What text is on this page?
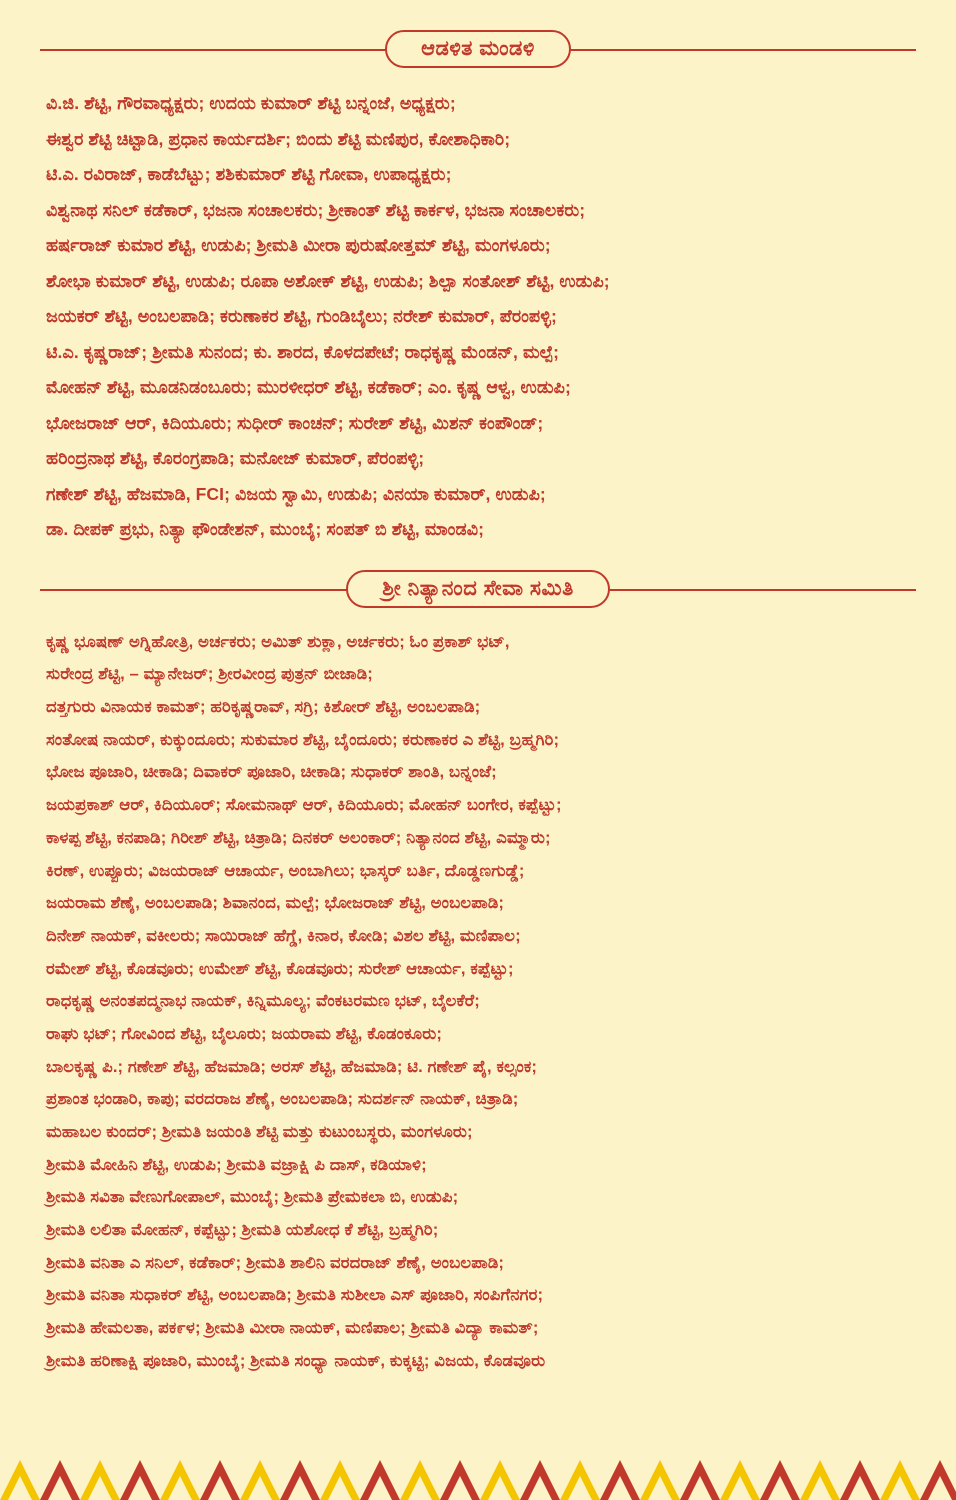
ಆಡಳಿತ ಮಂಡಳಿ
ವಿ.ಜಿ. ಶೆಟ್ಟಿ, ಗೌರವಾಧ್ಯಕ್ಷರು; ಉದಯ ಕುಮಾರ್ ಶೆಟ್ಟಿ ಬನ್ನಂಜೆ, ಅಧ್ಯಕ್ಷರು;
ಈಶ್ವರ ಶೆಟ್ಟಿ ಚಿಟ್ಟಾಡಿ, ಪ್ರಧಾನ ಕಾರ್ಯದರ್ಶಿ; ಬಿಂದು ಶೆಟ್ಟಿ ಮಣಿಪುರ, ಕೋಶಾಧಿಕಾರಿ;
ಟಿ.ಎ. ರವಿರಾಜ್, ಕಾಡೆಬೆಟ್ಟು; ಶಶಿಕುಮಾರ್ ಶೆಟ್ಟಿ ಗೋವಾ, ಉಪಾಧ್ಯಕ್ಷರು;
ವಿಶ್ವನಾಥ ಸನಿಲ್ ಕಡೆಕಾರ್, ಭಜನಾ ಸಂಚಾಲಕರು; ಶ್ರೀಕಾಂತ್ ಶೆಟ್ಟಿ ಕಾರ್ಕಳ, ಭಜನಾ ಸಂಚಾಲಕರು;
ಹರ್ಷರಾಜ್ ಕುಮಾರ ಶೆಟ್ಟಿ, ಉಡುಪಿ; ಶ್ರೀಮತಿ ಮೀರಾ ಪುರುಷೋತ್ತಮ್ ಶೆಟ್ಟಿ, ಮಂಗಳೂರು;
ಶೋಭಾ ಕುಮಾರ್ ಶೆಟ್ಟಿ, ಉಡುಪಿ; ರೂಪಾ ಅಶೋಕ್ ಶೆಟ್ಟಿ, ಉಡುಪಿ; ಶಿಲ್ಪಾ ಸಂತೋಶ್ ಶೆಟ್ಟಿ, ಉಡುಪಿ;
ಜಯಕರ್ ಶೆಟ್ಟಿ, ಅಂಬಲಪಾಡಿ; ಕರುಣಾಕರ ಶೆಟ್ಟಿ, ಗುಂಡಿಬೈಲು; ನರೇಶ್ ಕುಮಾರ್, ಪೆರಂಪಳ್ಳಿ;
ಟಿ.ಎ. ಕೃಷ್ಣರಾಜ್; ಶ್ರೀಮತಿ ಸುನಂದ; ಕು. ಶಾರದ, ಕೊಳದಪೇಟೆ; ರಾಧಕೃಷ್ಣ ಮೆಂಡನ್, ಮಲ್ಪೆ;
ಮೋಹನ್ ಶೆಟ್ಟಿ, ಮೂಡನಿಡಂಬೂರು; ಮುರಳೀಧರ್ ಶೆಟ್ಟಿ, ಕಡೆಕಾರ್; ಎಂ. ಕೃಷ್ಣ ಆಳ್ವ, ಉಡುಪಿ;
ಭೋಜರಾಜ್ ಆರ್, ಕಿದಿಯೂರು; ಸುಧೀರ್ ಕಾಂಚನ್; ಸುರೇಶ್ ಶೆಟ್ಟಿ, ಮಿಶನ್ ಕಂಪೌಂಡ್;
ಹರಿಂದ್ರನಾಥ ಶೆಟ್ಟಿ, ಕೊರಂಗ್ರಪಾಡಿ; ಮನೋಜ್ ಕುಮಾರ್, ಪೆರಂಪಳ್ಳಿ;
ಗಣೇಶ್ ಶೆಟ್ಟಿ, ಹೆಜಮಾಡಿ, FCI; ವಿಜಯ ಸ್ವಾಮಿ, ಉಡುಪಿ; ವಿನಯಾ ಕುಮಾರ್, ಉಡುಪಿ;
ಡಾ. ದೀಪಕ್ ಪ್ರಭು, ನಿತ್ಯಾ ಫೌಂಡೇಶನ್, ಮುಂಬೈ; ಸಂಪತ್ ಬಿ ಶೆಟ್ಟಿ, ಮಾಂಡವಿ;
ಶ್ರೀ ನಿತ್ಯಾನಂದ ಸೇವಾ ಸಮಿತಿ
ಕೃಷ್ಣ ಭೂಷಣ್ ಅಗ್ನಿಹೋತ್ರಿ, ಅರ್ಚಕರು; ಅಮಿತ್ ಶುಕ್ಲಾ, ಅರ್ಚಕರು; ಓಂ ಪ್ರಕಾಶ್ ಭಟ್,
ಸುರೇಂದ್ರ ಶೆಟ್ಟಿ, – ಮ್ಯಾನೇಜರ್; ಶ್ರೀರವೀಂದ್ರ ಪುತ್ರನ್ ಬೀಜಾಡಿ;
ದತ್ತಗುರು ವಿನಾಯಕ ಕಾಮತ್; ಹರಿಕೃಷ್ಣರಾವ್, ಸಗ್ರಿ; ಕಿಶೋರ್ ಶೆಟ್ಟಿ, ಅಂಬಲಪಾಡಿ;
ಸಂತೋಷ ನಾಯರ್, ಕುಕ್ಕುಂದೂರು; ಸುಕುಮಾರ ಶೆಟ್ಟಿ, ಬೈಂದೂರು; ಕರುಣಾಕರ ಎ ಶೆಟ್ಟಿ, ಬ್ರಹ್ಮಗಿರಿ;
ಭೋಜ ಪೂಜಾರಿ, ಚೀಕಾಡಿ; ದಿವಾಕರ್ ಪೂಜಾರಿ, ಚೀಕಾಡಿ; ಸುಧಾಕರ್ ಶಾಂತಿ, ಬನ್ನಂಜೆ;
ಜಯಪ್ರಕಾಶ್ ಆರ್, ಕಿದಿಯೂರ್; ಸೋಮನಾಥ್ ಆರ್, ಕಿದಿಯೂರು; ಮೋಹನ್ ಬಂಗೇರ, ಕಪ್ಪೆಟ್ಟು;
ಕಾಳಪ್ಪ ಶೆಟ್ಟಿ, ಕನಪಾಡಿ; ಗಿರೀಶ್ ಶೆಟ್ಟಿ, ಚಿತ್ರಾಡಿ; ದಿನಕರ್ ಅಲಂಕಾರ್; ನಿತ್ಯಾನಂದ ಶೆಟ್ಟಿ, ಎಮ್ಮಾರು;
ಕಿರಣ್, ಉಪ್ಪೂರು; ವಿಜಯರಾಜ್ ಆಚಾರ್ಯ, ಅಂಬಾಗಿಲು; ಭಾಸ್ಕರ್ ಬರ್ತಿ, ದೊಡ್ಡಣಗುಡ್ಡೆ;
ಜಯರಾಮ ಶೆಣೈ, ಅಂಬಲಪಾಡಿ; ಶಿವಾನಂದ, ಮಲ್ಪೆ; ಭೋಜರಾಜ್ ಶೆಟ್ಟಿ, ಅಂಬಲಪಾಡಿ;
ದಿನೇಶ್ ನಾಯಕ್, ವಕೀಲರು; ಸಾಯಿರಾಜ್ ಹೆಗ್ಡೆ, ಕಿನಾರ, ಕೋಡಿ; ವಿಶಲ ಶೆಟ್ಟಿ, ಮಣಿಪಾಲ;
ರಮೇಶ್ ಶೆಟ್ಟಿ, ಕೊಡವೂರು; ಉಮೇಶ್ ಶೆಟ್ಟಿ, ಕೊಡವೂರು; ಸುರೇಶ್ ಆಚಾರ್ಯ, ಕಪ್ಪೆಟ್ಟು;
ರಾಧಕೃಷ್ಣ ಅನಂತಪದ್ಮನಾಭ ನಾಯಕ್, ಕಿನ್ನಿಮೂಲ್ಯ; ವೆಂಕಟರಮಣ ಭಟ್, ಬೈಲಕೆರೆ;
ರಾಘು ಭಟ್; ಗೋವಿಂದ ಶೆಟ್ಟಿ, ಬೈಲೂರು; ಜಯರಾಮ ಶೆಟ್ಟಿ, ಕೊಡಂಕೂರು;
ಬಾಲಕೃಷ್ಣ ಪಿ.; ಗಣೇಶ್ ಶೆಟ್ಟಿ, ಹೆಜಮಾಡಿ; ಅರಸ್ ಶೆಟ್ಟಿ, ಹೆಜಮಾಡಿ; ಟಿ. ಗಣೇಶ್ ಪೈ, ಕಲ್ಸಂಕ;
ಪ್ರಶಾಂತ ಭಂಡಾರಿ, ಕಾಪು; ವರದರಾಜ ಶೆಣೈ, ಅಂಬಲಪಾಡಿ; ಸುದರ್ಶನ್ ನಾಯಕ್, ಚಿತ್ರಾಡಿ;
ಮಹಾಬಲ ಕುಂದರ್; ಶ್ರೀಮತಿ ಜಯಂತಿ ಶೆಟ್ಟಿ ಮತ್ತು ಕುಟುಂಬಸ್ಥರು, ಮಂಗಳೂರು;
ಶ್ರೀಮತಿ ಮೋಹಿನಿ ಶೆಟ್ಟಿ, ಉಡುಪಿ; ಶ್ರೀಮತಿ ವಜ್ರಾಕ್ಷಿ ಪಿ ದಾಸ್, ಕಡಿಯಾಳಿ;
ಶ್ರೀಮತಿ ಸವಿತಾ ವೇಣುಗೋಪಾಲ್, ಮುಂಬೈ; ಶ್ರೀಮತಿ ಪ್ರೇಮಕಲಾ ಬಿ, ಉಡುಪಿ;
ಶ್ರೀಮತಿ ಲಲಿತಾ ಮೋಹನ್, ಕಪ್ಪೆಟ್ಟು; ಶ್ರೀಮತಿ ಯಶೋಧ ಕೆ ಶೆಟ್ಟಿ, ಬ್ರಹ್ಮಗಿರಿ;
ಶ್ರೀಮತಿ ವನಿತಾ ಎ ಸನಿಲ್, ಕಡೆಕಾರ್; ಶ್ರೀಮತಿ ಶಾಲಿನಿ ವರದರಾಜ್ ಶೆಣೈ, ಅಂಬಲಪಾಡಿ;
ಶ್ರೀಮತಿ ವನಿತಾ ಸುಧಾಕರ್ ಶೆಟ್ಟಿ, ಅಂಬಲಪಾಡಿ; ಶ್ರೀಮತಿ ಸುಶೀಲಾ ಎಸ್ ಪೂಜಾರಿ, ಸಂಪಿಗೆನಗರ;
ಶ್ರೀಮತಿ ಹೇಮಲತಾ, ಪಕ೯ಳ; ಶ್ರೀಮತಿ ಮೀರಾ ನಾಯಕ್, ಮಣಿಪಾಲ; ಶ್ರೀಮತಿ ವಿದ್ಯಾ ಕಾಮತ್;
ಶ್ರೀಮತಿ ಹರಿಣಾಕ್ಷಿ ಪೂಜಾರಿ, ಮುಂಬೈ; ಶ್ರೀಮತಿ ಸಂಧ್ಯಾ ನಾಯಕ್, ಕುಕ್ಕಟ್ಟಿ; ವಿಜಯ, ಕೊಡವೂರು
